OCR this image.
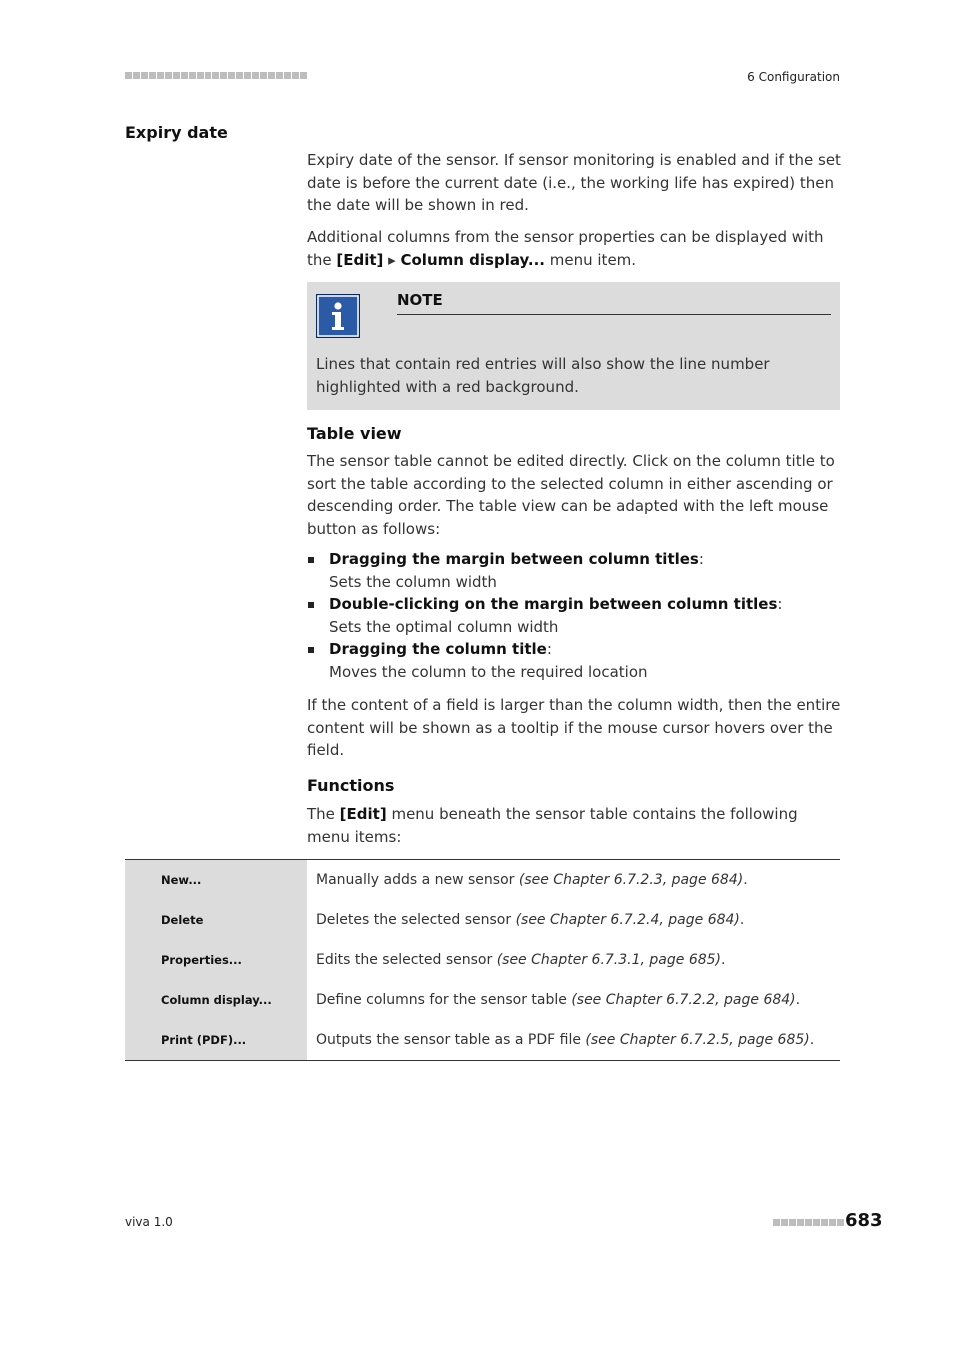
6 Configuration
Expiry date

Expiry date of the sensor. If sensor monitoring is enabled and if the set date is before the current date (i.e., the working life has expired) then the date will be shown in red.

Additional columns from the sensor properties can be displayed with the [Edit] ▸ Column display... menu item.

NOTE
Lines that contain red entries will also show the line number highlighted with a red background.
Table view

The sensor table cannot be edited directly. Click on the column title to sort the table according to the selected column in either ascending or descending order. The table view can be adapted with the left mouse button as follows:

Dragging the margin between column titles:
Sets the column width
Double-clicking on the margin between column titles:
Sets the optimal column width
Dragging the column title:
Moves the column to the required location

If the content of a field is larger than the column width, then the entire content will be shown as a tooltip if the mouse cursor hovers over the field.

Functions

The [Edit] menu beneath the sensor table contains the following menu items:

New...	Manually adds a new sensor (see Chapter 6.7.2.3, page 684).
Delete	Deletes the selected sensor (see Chapter 6.7.2.4, page 684).
Properties...	Edits the selected sensor (see Chapter 6.7.3.1, page 685).
Column display...	Define columns for the sensor table (see Chapter 6.7.2.2, page 684).
Print (PDF)...	Outputs the sensor table as a PDF file (see Chapter 6.7.2.5, page 685).
viva 1.0	683
